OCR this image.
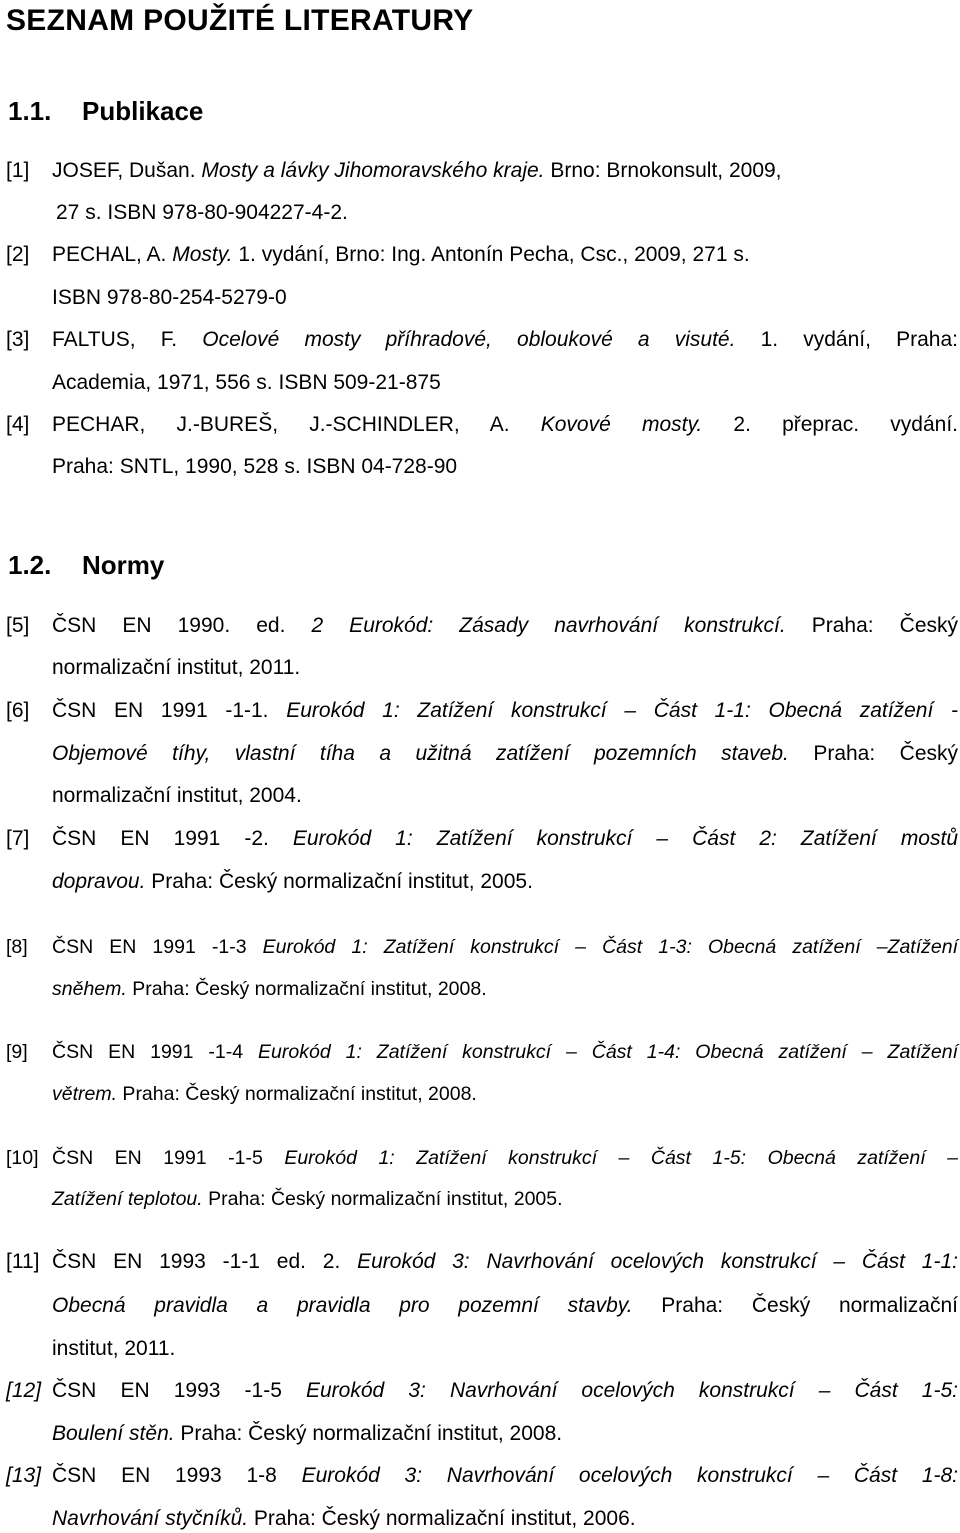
SEZNAM POUŽITÉ LITERATURY
1.1. Publikace
1.2. Normy
[1] JOSEF, Dušan. Mosty a lávky Jihomoravského kraje. Brno: Brnokonsult, 2009,
27 s. ISBN 978-80-904227-4-2.
[2] PECHAL, A. Mosty. 1. vydání, Brno: Ing. Antonín Pecha, Csc., 2009, 271 s.
ISBN 978-80-254-5279-0
[3] FALTUS, F. Ocelové mosty příhradové, obloukové a visuté. 1. vydání, Praha:
Academia, 1971, 556 s. ISBN 509-21-875
[4] PECHAR, J.-BUREŠ, J.-SCHINDLER, A. Kovové mosty. 2. přeprac. vydání.
Praha: SNTL, 1990, 528 s. ISBN 04-728-90
[5] ČSN EN 1990. ed. 2 Eurokód: Zásady navrhování konstrukcí. Praha: Český
normalizační institut, 2011.
[6] ČSN EN 1991 -1-1. Eurokód 1: Zatížení konstrukcí – Část 1-1: Obecná zatížení -
Objemové tíhy, vlastní tíha a užitná zatížení pozemních staveb. Praha: Český
normalizační institut, 2004.
[7] ČSN EN 1991 -2. Eurokód 1: Zatížení konstrukcí – Část 2: Zatížení mostů
dopravou. Praha: Český normalizační institut, 2005.
[8] ČSN EN 1991 -1-3 Eurokód 1: Zatížení konstrukcí – Část 1-3: Obecná zatížení –Zatížení
sněhem. Praha: Český normalizační institut, 2008.
[9] ČSN EN 1991 -1-4 Eurokód 1: Zatížení konstrukcí – Část 1-4: Obecná zatížení – Zatížení
větrem. Praha: Český normalizační institut, 2008.
[10] ČSN EN 1991 -1-5 Eurokód 1: Zatížení konstrukcí – Část 1-5: Obecná zatížení –
Zatížení teplotou. Praha: Český normalizační institut, 2005.
[11] ČSN EN 1993 -1-1 ed. 2. Eurokód 3: Navrhování ocelových konstrukcí – Část 1-1:
Obecná pravidla a pravidla pro pozemní stavby. Praha: Český normalizační
institut, 2011.
[12] ČSN EN 1993 -1-5 Eurokód 3: Navrhování ocelových konstrukcí – Část 1-5:
Boulení stěn. Praha: Český normalizační institut, 2008.
[13] ČSN EN 1993 1-8 Eurokód 3: Navrhování ocelových konstrukcí – Část 1-8:
Navrhování styčníků. Praha: Český normalizační institut, 2006.
